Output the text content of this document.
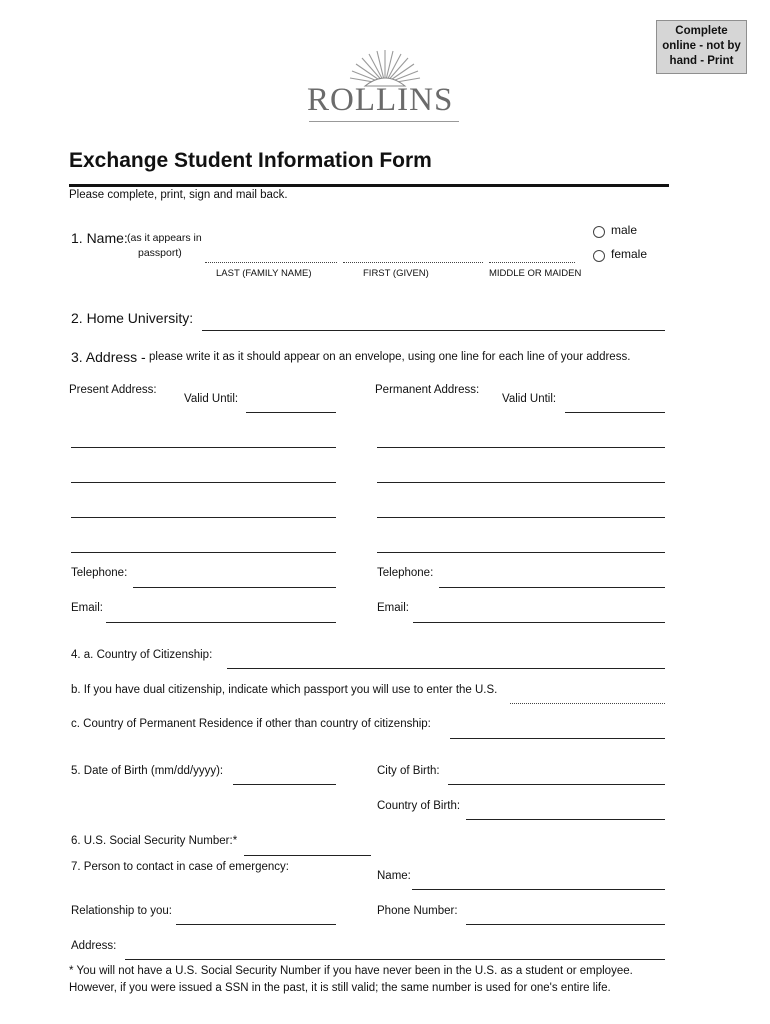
Complete
online - not by
hand - Print
ROLLINS
Exchange Student Information Form
Please complete, print, sign and mail back.
1. Name: (as it appears in
passport)
LAST (FAMILY NAME)	FIRST (GIVEN)	MIDDLE OR MAIDEN
male
female
2. Home University:
3. Address - please write it as it should appear on an envelope, using one line for each line of your address.
Present Address:
Valid Until:
Permanent Address:
Valid Until:
Telephone:	Telephone:
Email:	Email:
4. a. Country of Citizenship:
b. If you have dual citizenship, indicate which passport you will use to enter the U.S.
c. Country of Permanent Residence if other than country of citizenship:
5. Date of Birth (mm/dd/yyyy):	City of Birth:
Country of Birth:
6. U.S. Social Security Number:*
7. Person to contact in case of emergency:
Name:
Relationship to you:	Phone Number:
Address:
* You will not have a U.S. Social Security Number if you have never been in the U.S. as a student or employee.
However, if you were issued a SSN in the past, it is still valid; the same number is used for one's entire life.
